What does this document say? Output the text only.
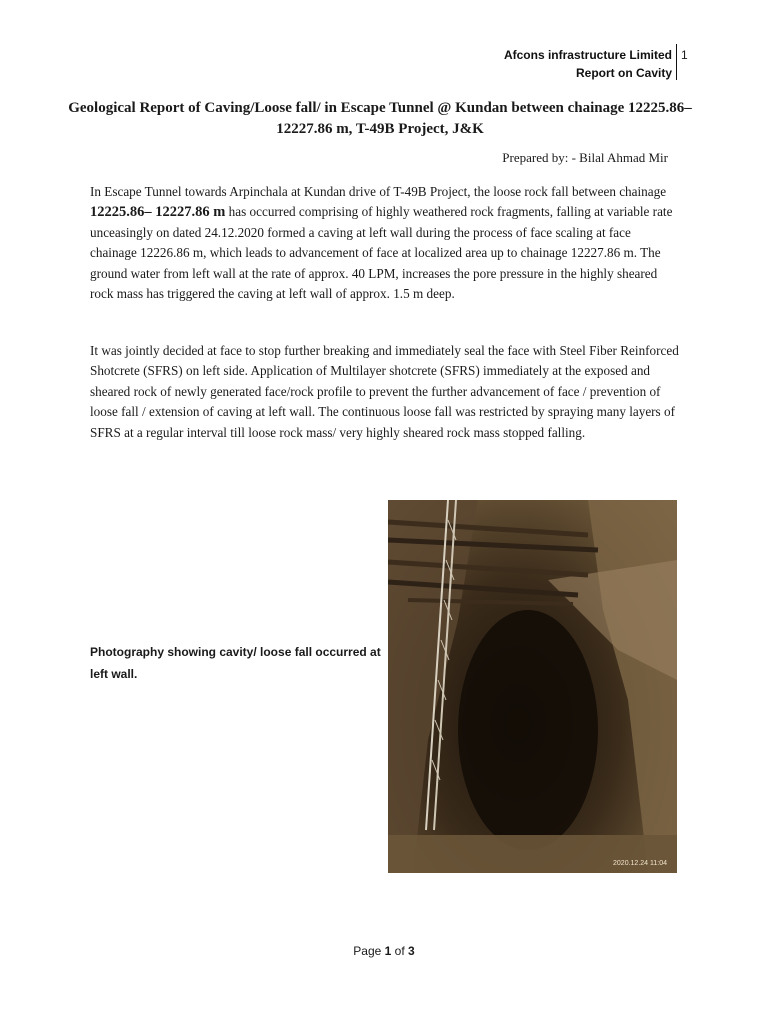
Afcons infrastructure Limited
Report on Cavity
1
Geological Report of Caving/Loose fall/ in Escape Tunnel @ Kundan between chainage 12225.86– 12227.86 m, T-49B Project, J&K
Prepared by: - Bilal Ahmad Mir

In Escape Tunnel towards Arpinchala at Kundan drive of T-49B Project, the loose rock fall between chainage 12225.86– 12227.86 m has occurred comprising of highly weathered rock fragments, falling at variable rate unceasingly on dated 24.12.2020 formed a caving at left wall during the process of face scaling at face chainage 12226.86 m, which leads to advancement of face at localized area up to chainage 12227.86 m. The ground water from left wall at the rate of approx. 40 LPM, increases the pore pressure in the highly sheared rock mass has triggered the caving at left wall of approx. 1.5 m deep.

It was jointly decided at face to stop further breaking and immediately seal the face with Steel Fiber Reinforced Shotcrete (SFRS) on left side. Application of Multilayer shotcrete (SFRS) immediately at the exposed and sheared rock of newly generated face/rock profile to prevent the further advancement of face / prevention of loose fall / extension of caving at left wall. The continuous loose fall was restricted by spraying many layers of SFRS at a regular interval till loose rock mass/ very highly sheared rock mass stopped falling.

Photography showing cavity/ loose fall occurred at left wall.
2020.12.24 11:04
Page 1 of 3
